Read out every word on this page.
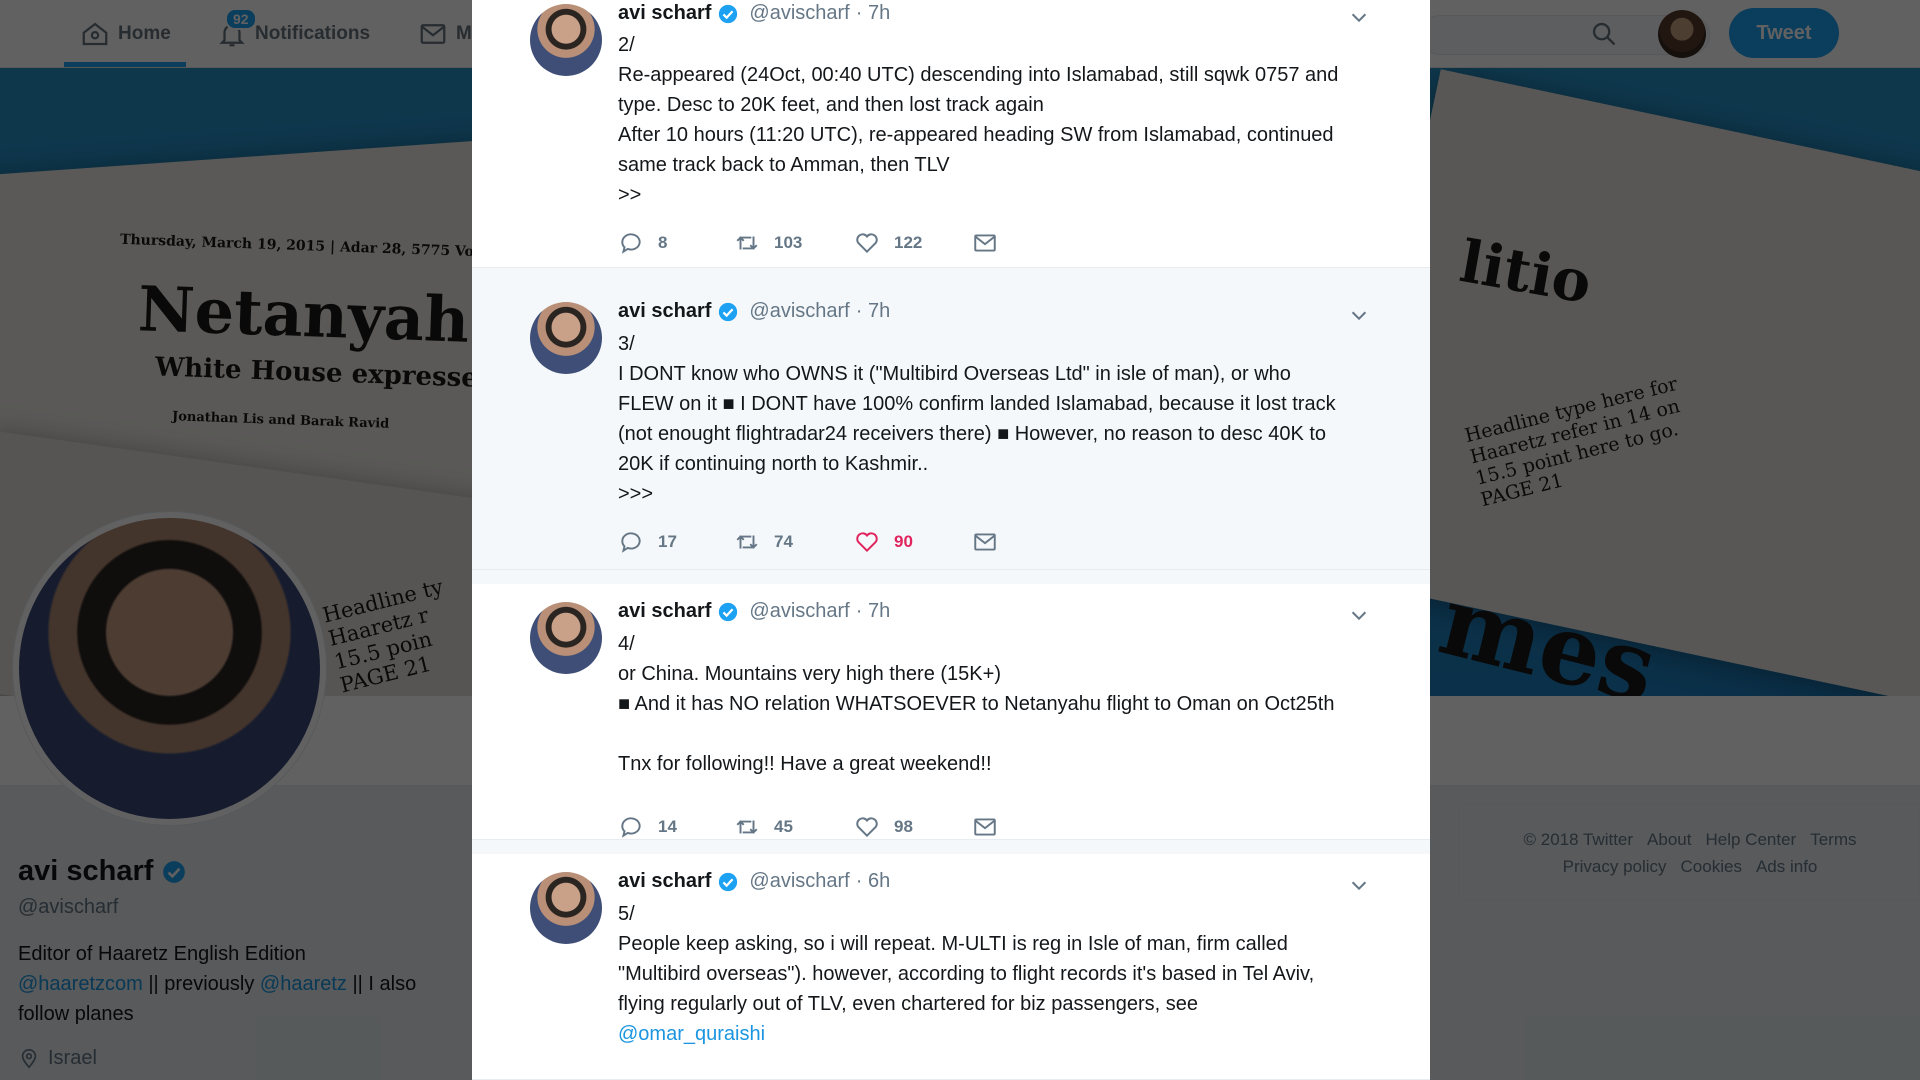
avi scharf @avischarf · 7h
2/
Re-appeared (24Oct, 00:40 UTC) descending into Islamabad, still sqwk 0757 and
type. Desc to 20K feet, and then lost track again
After 10 hours (11:20 UTC), re-appeared heading SW from Islamabad, continued
same track back to Amman, then TLV
>>
8	103	122
avi scharf @avischarf · 7h
3/
I DONT know who OWNS it ("Multibird Overseas Ltd" in isle of man), or who
FLEW on it ■ I DONT have 100% confirm landed Islamabad, because it lost track
(not enought flightradar24 receivers there) ■ However, no reason to desc 40K to
20K if continuing north to Kashmir..
>>>
17	74	90
avi scharf @avischarf · 7h
4/
or China. Mountains very high there (15K+)
■ And it has NO relation WHATSOEVER to Netanyahu flight to Oman on Oct25th

Tnx for following!! Have a great weekend!!
14	45	98
avi scharf @avischarf · 6h
5/
People keep asking, so i will repeat. M-ULTI is reg in Isle of man, firm called
"Multibird overseas"). however, according to flight records it's based in Tel Aviv,
flying regularly out of TLV, even chartered for biz passengers, see
@omar_quraishi
